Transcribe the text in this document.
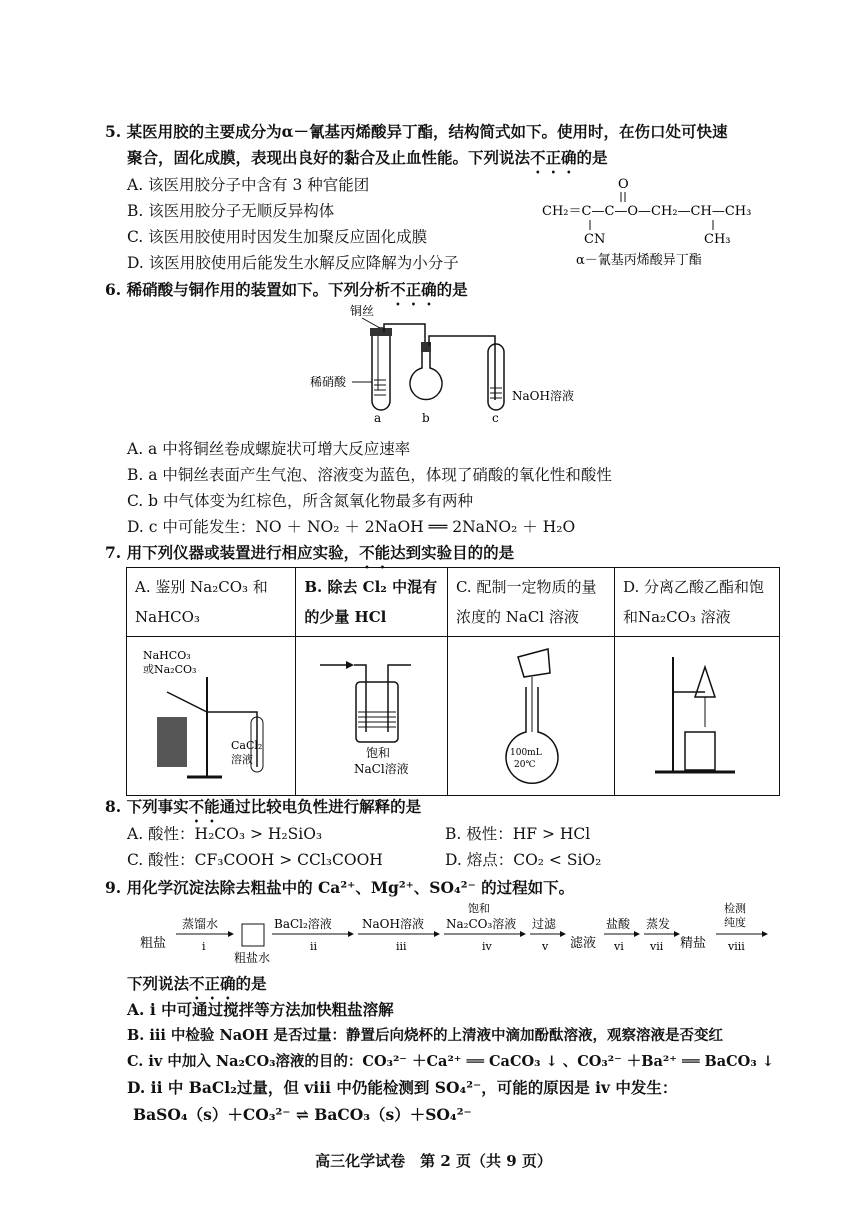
5. 某医用胶的主要成分为α－氰基丙烯酸异丁酯，结构简式如下。使用时，在伤口处可快速
聚合，固化成膜，表现出良好的黏合及止血性能。下列说法不正确的是
A. 该医用胶分子中含有 3 种官能团
B. 该医用胶分子无顺反异构体
C. 该医用胶使用时因发生加聚反应固化成膜
D. 该医用胶使用后能发生水解反应降解为小分子
O
CH₂＝C—C—O—CH₂—CH—CH₃
CN	CH₃
α－氰基丙烯酸异丁酯
6. 稀硝酸与铜作用的装置如下。下列分析不正确的是
铜丝
稀硝酸
a	b
NaOH溶液
c
A. a 中将铜丝卷成螺旋状可增大反应速率
B. a 中铜丝表面产生气泡、溶液变为蓝色，体现了硝酸的氧化性和酸性
C. b 中气体变为红棕色，所含氮氧化物最多有两种
D. c 中可能发生：NO ＋ NO₂ ＋ 2NaOH ══ 2NaNO₂ ＋ H₂O
7. 用下列仪器或装置进行相应实验，不能达到实验目的的是
A. 鉴别 Na₂CO₃ 和 NaHCO₃	B. 除去 Cl₂ 中混有的少量 HCl	C. 配制一定物质的量浓度的 NaCl 溶液	D. 分离乙酸乙酯和饱和Na₂CO₃ 溶液

NaHCO₃
或Na₂CO₃
CaCl₂
溶液	饱和
NaCl溶液	100mL
20℃

8. 下列事实不能通过比较电负性进行解释的是
A. 酸性：H₂CO₃ > H₂SiO₃	B. 极性：HF > HCl
C. 酸性：CF₃COOH > CCl₃COOH	D. 熔点：CO₂ < SiO₂
9. 用化学沉淀法除去粗盐中的 Ca²⁺、Mg²⁺、SO₄²⁻ 的过程如下。
粗盐
蒸馏水
i
粗盐水
BaCl₂溶液
ii
NaOH溶液
iii
饱和
Na₂CO₃溶液
iv
过滤
v 滤液
盐酸
vi
蒸发
vii 精盐
检测
纯度
viii
下列说法不正确的是
A. i 中可通过搅拌等方法加快粗盐溶解
B. iii 中检验 NaOH 是否过量：静置后向烧杯的上清液中滴加酚酞溶液，观察溶液是否变红
C. iv 中加入 Na₂CO₃溶液的目的：CO₃²⁻ ＋Ca²⁺ ══ CaCO₃ ↓ 、CO₃²⁻ ＋Ba²⁺ ══ BaCO₃ ↓
D. ii 中 BaCl₂过量，但 viii 中仍能检测到 SO₄²⁻，可能的原因是 iv 中发生：
BaSO₄（s）＋CO₃²⁻ ⇌ BaCO₃（s）＋SO₄²⁻
高三化学试卷　第 2 页（共 9 页）
